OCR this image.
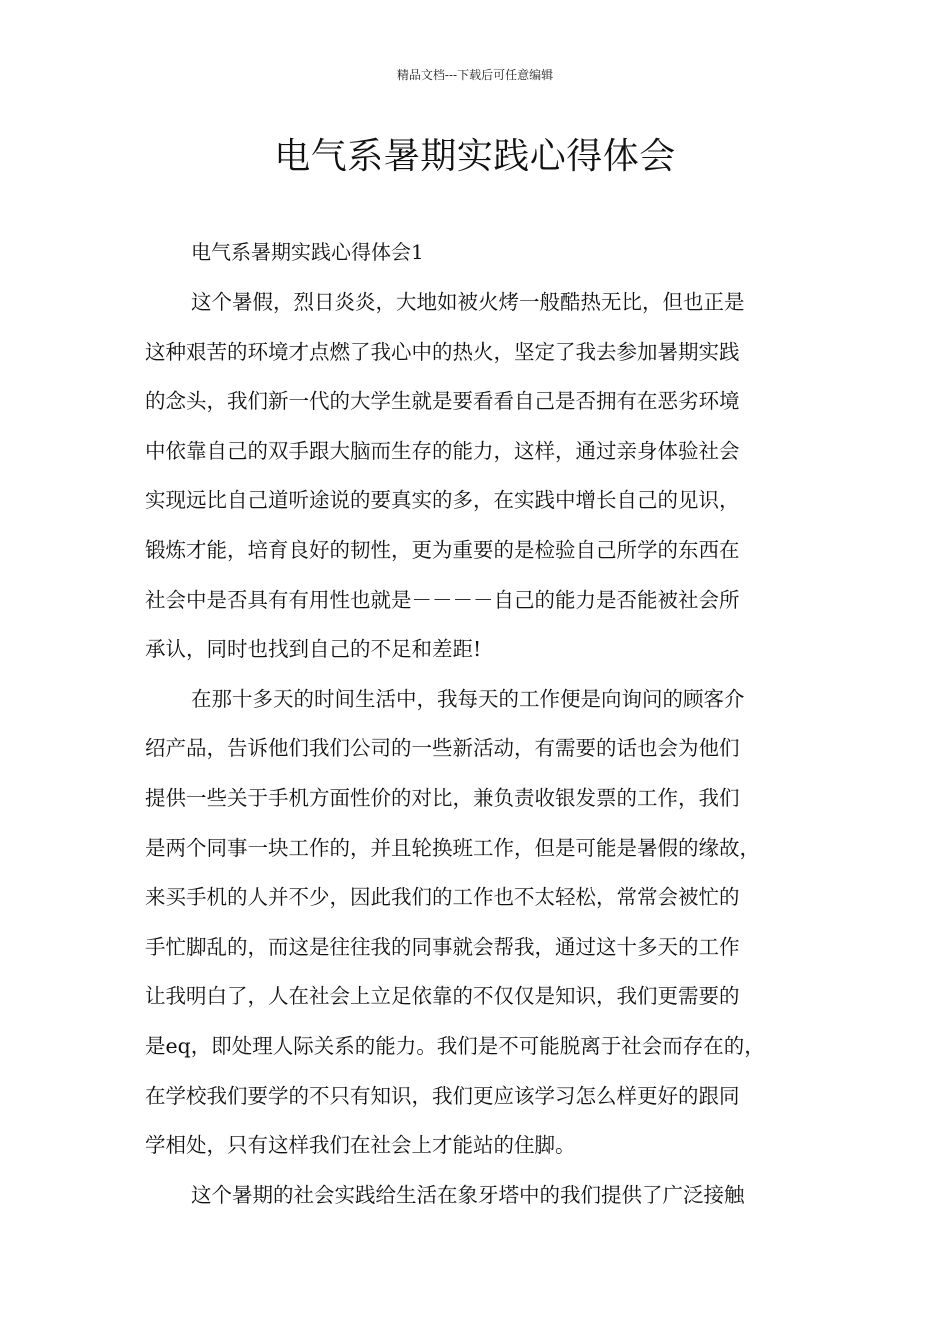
精品文档---下载后可任意编辑
电气系暑期实践心得体会
电气系暑期实践心得体会1
这个暑假，烈日炎炎，大地如被火烤一般酷热无比，但也正是
这种艰苦的环境才点燃了我心中的热火，坚定了我去参加暑期实践
的念头，我们新一代的大学生就是要看看自己是否拥有在恶劣环境
中依靠自己的双手跟大脑而生存的能力，这样，通过亲身体验社会
实现远比自己道听途说的要真实的多，在实践中增长自己的见识，
锻炼才能，培育良好的韧性，更为重要的是检验自己所学的东西在
社会中是否具有有用性也就是－－－－自己的能力是否能被社会所
承认，同时也找到自己的不足和差距!
在那十多天的时间生活中，我每天的工作便是向询问的顾客介
绍产品，告诉他们我们公司的一些新活动，有需要的话也会为他们
提供一些关于手机方面性价的对比，兼负责收银发票的工作，我们
是两个同事一块工作的，并且轮换班工作，但是可能是暑假的缘故，
来买手机的人并不少，因此我们的工作也不太轻松，常常会被忙的
手忙脚乱的，而这是往往我的同事就会帮我，通过这十多天的工作
让我明白了，人在社会上立足依靠的不仅仅是知识，我们更需要的
是eq，即处理人际关系的能力。我们是不可能脱离于社会而存在的，
在学校我们要学的不只有知识，我们更应该学习怎么样更好的跟同
学相处，只有这样我们在社会上才能站的住脚。
这个暑期的社会实践给生活在象牙塔中的我们提供了广泛接触
